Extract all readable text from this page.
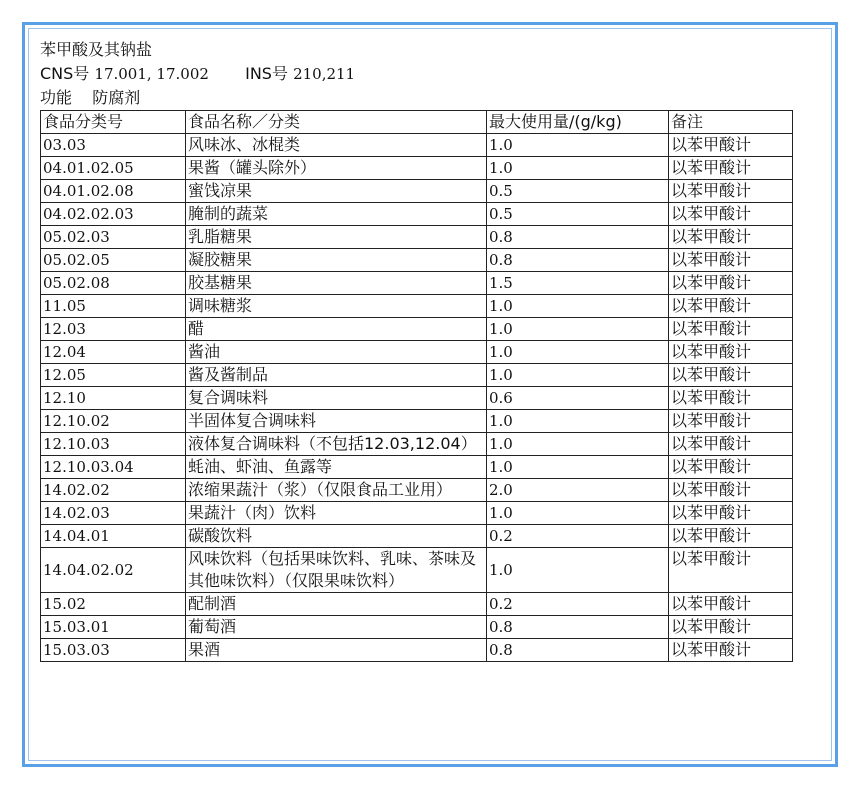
苯甲酸及其钠盐
CNS号 17.001, 17.002 INS号 210,211
功能 防腐剂
食品分类号	食品名称／分类	最大使用量/(g/kg)	备注
03.03	风味冰、冰棍类	1.0	以苯甲酸计
04.01.02.05	果酱（罐头除外）	1.0	以苯甲酸计
04.01.02.08	蜜饯凉果	0.5	以苯甲酸计
04.02.02.03	腌制的蔬菜	0.5	以苯甲酸计
05.02.03	乳脂糖果	0.8	以苯甲酸计
05.02.05	凝胶糖果	0.8	以苯甲酸计
05.02.08	胶基糖果	1.5	以苯甲酸计
11.05	调味糖浆	1.0	以苯甲酸计
12.03	醋	1.0	以苯甲酸计
12.04	酱油	1.0	以苯甲酸计
12.05	酱及酱制品	1.0	以苯甲酸计
12.10	复合调味料	0.6	以苯甲酸计
12.10.02	半固体复合调味料	1.0	以苯甲酸计
12.10.03	液体复合调味料（不包括12.03,12.04）	1.0	以苯甲酸计
12.10.03.04	蚝油、虾油、鱼露等	1.0	以苯甲酸计
14.02.02	浓缩果蔬汁（浆）（仅限食品工业用）	2.0	以苯甲酸计
14.02.03	果蔬汁（肉）饮料	1.0	以苯甲酸计
14.04.01	碳酸饮料	0.2	以苯甲酸计
14.04.02.02	风味饮料（包括果味饮料、乳味、茶味及其他味饮料）（仅限果味饮料）	1.0	以苯甲酸计
15.02	配制酒	0.2	以苯甲酸计
15.03.01	葡萄酒	0.8	以苯甲酸计
15.03.03	果酒	0.8	以苯甲酸计
